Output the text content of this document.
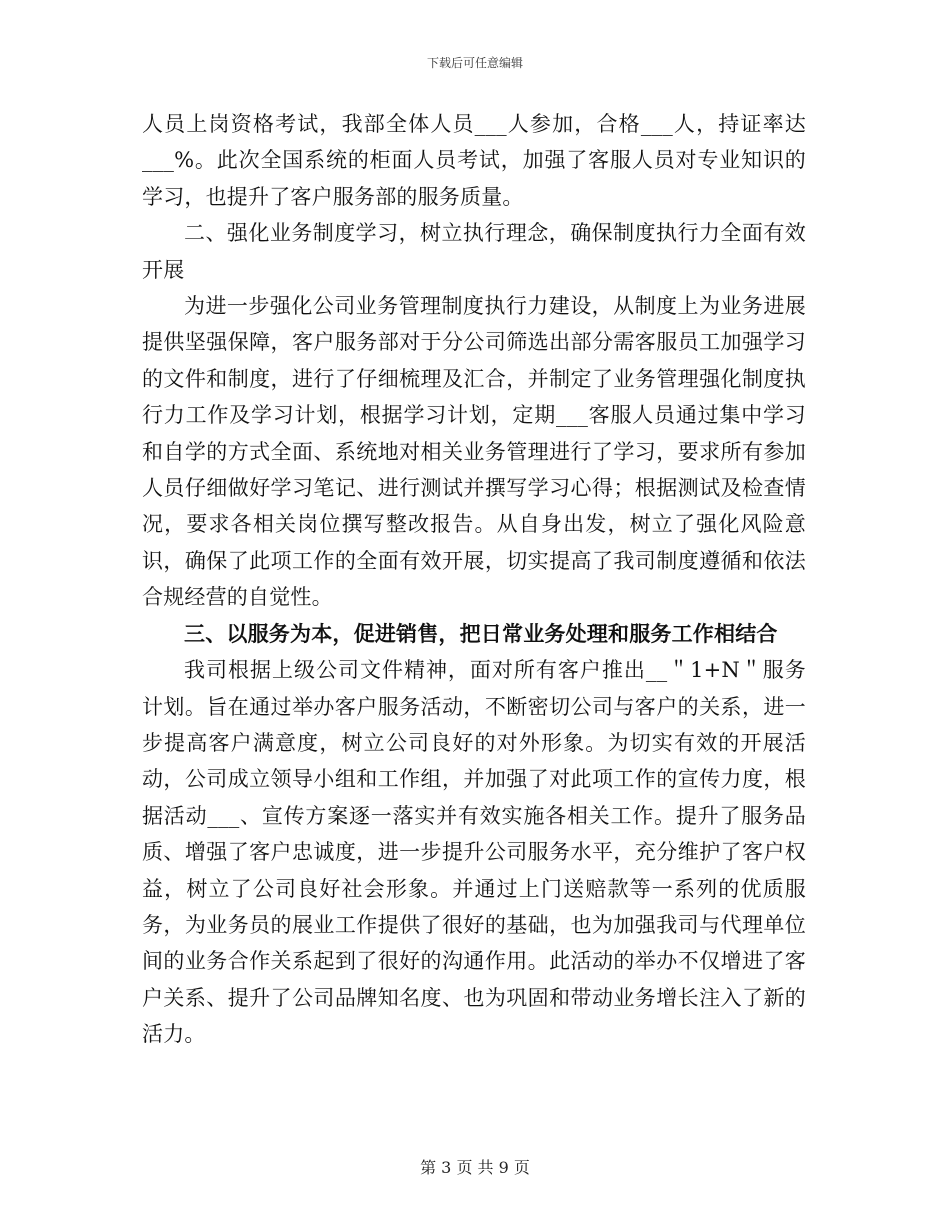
下载后可任意编辑

人员上岗资格考试，我部全体人员___人参加，合格___人，持证率达___%。此次全国系统的柜面人员考试，加强了客服人员对专业知识的学习，也提升了客户服务部的服务质量。

二、强化业务制度学习，树立执行理念，确保制度执行力全面有效开展

为进一步强化公司业务管理制度执行力建设，从制度上为业务进展提供坚强保障，客户服务部对于分公司筛选出部分需客服员工加强学习的文件和制度，进行了仔细梳理及汇合，并制定了业务管理强化制度执行力工作及学习计划，根据学习计划，定期___客服人员通过集中学习和自学的方式全面、系统地对相关业务管理进行了学习，要求所有参加人员仔细做好学习笔记、进行测试并撰写学习心得；根据测试及检查情况，要求各相关岗位撰写整改报告。从自身出发，树立了强化风险意识，确保了此项工作的全面有效开展，切实提高了我司制度遵循和依法合规经营的自觉性。

三、以服务为本，促进销售，把日常业务处理和服务工作相结合

我司根据上级公司文件精神，面对所有客户推出__＂1+N＂服务计划。旨在通过举办客户服务活动，不断密切公司与客户的关系，进一步提高客户满意度，树立公司良好的对外形象。为切实有效的开展活动，公司成立领导小组和工作组，并加强了对此项工作的宣传力度，根据活动___、宣传方案逐一落实并有效实施各相关工作。提升了服务品质、增强了客户忠诚度，进一步提升公司服务水平，充分维护了客户权益，树立了公司良好社会形象。并通过上门送赔款等一系列的优质服务，为业务员的展业工作提供了很好的基础，也为加强我司与代理单位间的业务合作关系起到了很好的沟通作用。此活动的举办不仅增进了客户关系、提升了公司品牌知名度、也为巩固和带动业务增长注入了新的活力。

第 3 页 共 9 页
